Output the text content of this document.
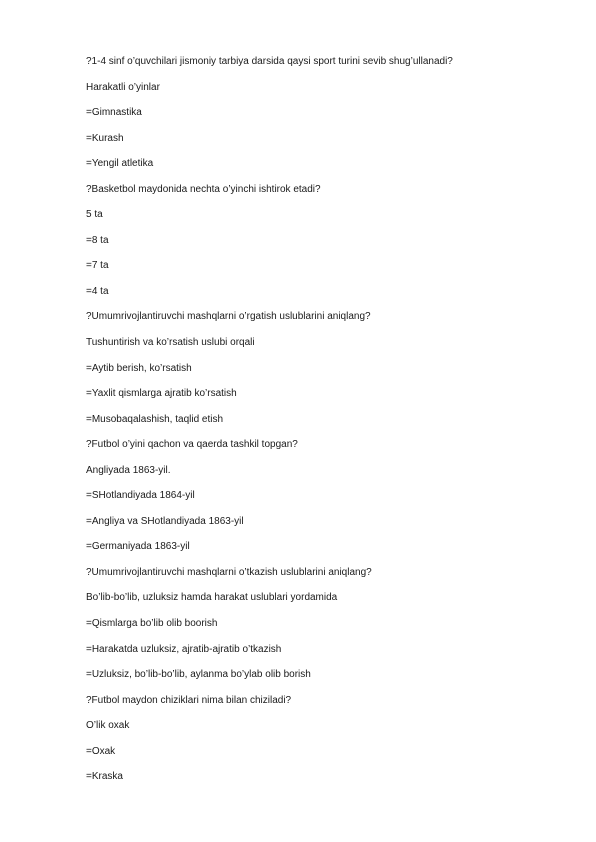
?1-4 sinf o’quvchilari jismoniy tarbiya darsida qaysi sport turini sevib shug’ullanadi?
Harakatli o’yinlar
=Gimnastika
=Kurash
=Yengil atletika
?Basketbol maydonida nechta o’yinchi ishtirok etadi?
5 ta
=8 ta
=7 ta
=4 ta
?Umumrivojlantiruvchi mashqlarni o’rgatish uslublarini aniqlang?
Tushuntirish va ko’rsatish uslubi orqali
=Aytib berish, ko’rsatish
=Yaxlit qismlarga ajratib ko’rsatish
=Musobaqalashish, taqlid etish
?Futbol o’yini qachon va qaerda tashkil topgan?
Angliyada 1863-yil.
=SHotlandiyada 1864-yil
=Angliya va SHotlandiyada 1863-yil
=Germaniyada 1863-yil
?Umumrivojlantiruvchi mashqlarni o’tkazish uslublarini aniqlang?
Bo’lib-bo’lib, uzluksiz hamda harakat uslublari yordamida
=Qismlarga bo’lib olib boorish
=Harakatda uzluksiz, ajratib-ajratib o’tkazish
=Uzluksiz, bo’lib-bo’lib, aylanma bo’ylab olib borish
?Futbol maydon chiziklari nima bilan chiziladi?
O’lik oxak
=Oxak
=Kraska
